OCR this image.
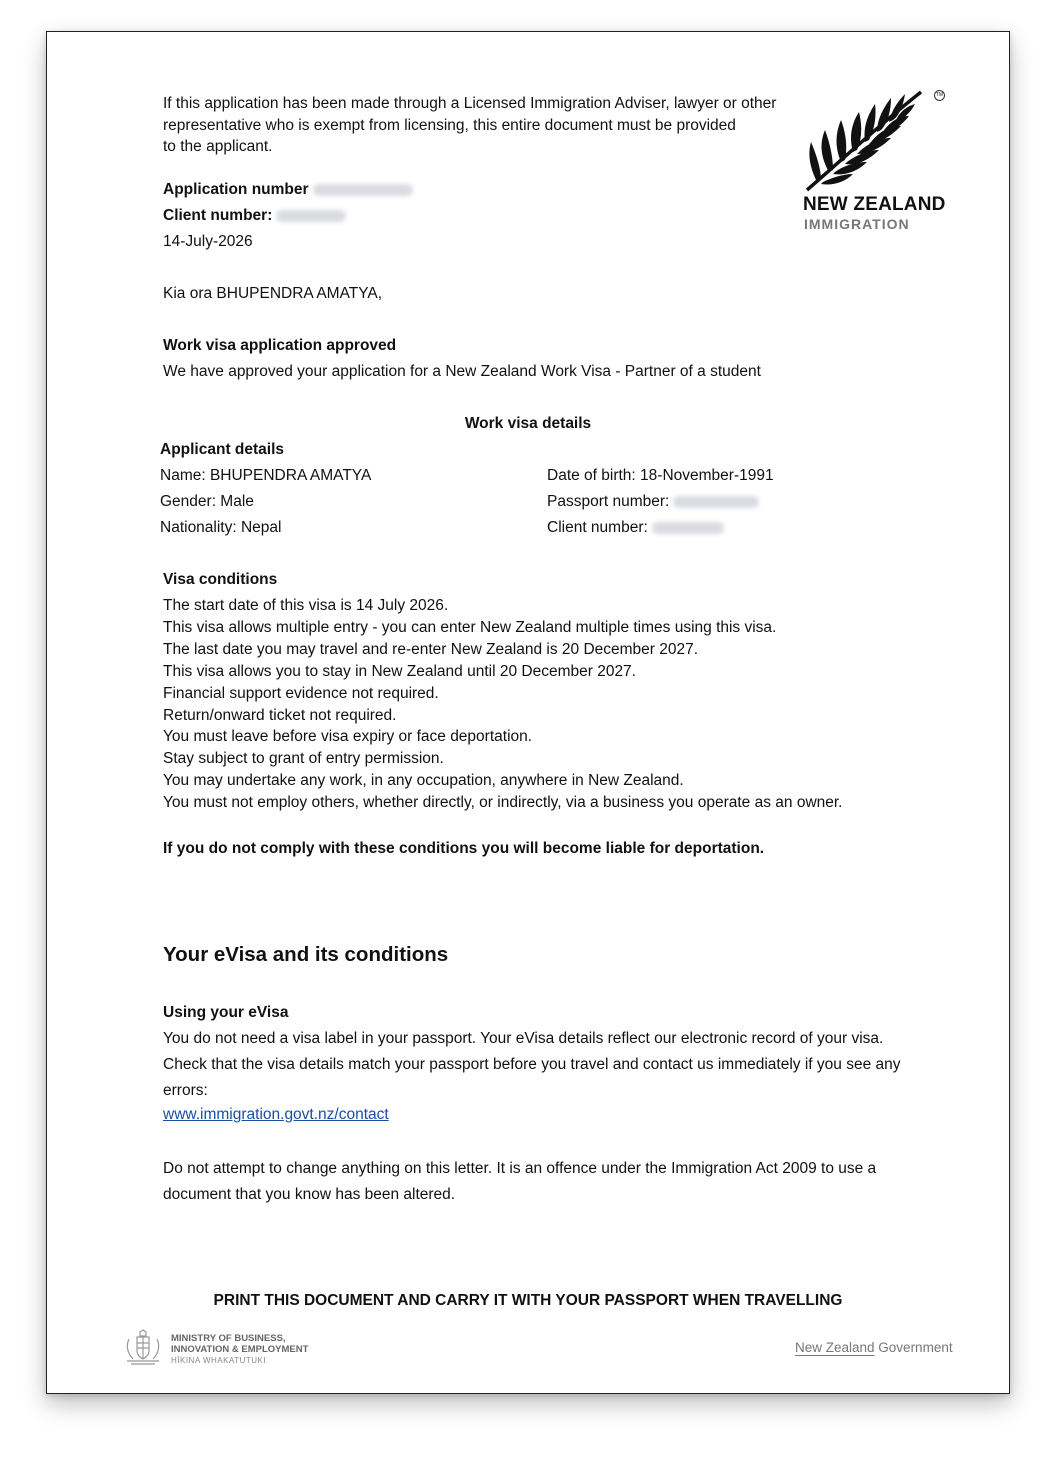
If this application has been made through a Licensed Immigration Adviser, lawyer or other
representative who is exempt from licensing, this entire document must be provided
to the applicant.
TM
NEW ZEALAND
IMMIGRATION
Application number
Client number:
14-July-2026
Kia ora BHUPENDRA AMATYA,
Work visa application approved
We have approved your application for a New Zealand Work Visa - Partner of a student
Work visa details
Applicant details
Name: BHUPENDRA AMATYA
Gender: Male
Nationality: Nepal
Date of birth: 18-November-1991
Passport number:
Client number:
Visa conditions
The start date of this visa is 14 July 2026.
This visa allows multiple entry - you can enter New Zealand multiple times using this visa.
The last date you may travel and re-enter New Zealand is 20 December 2027.
This visa allows you to stay in New Zealand until 20 December 2027.
Financial support evidence not required.
Return/onward ticket not required.
You must leave before visa expiry or face deportation.
Stay subject to grant of entry permission.
You may undertake any work, in any occupation, anywhere in New Zealand.
You must not employ others, whether directly, or indirectly, via a business you operate as an owner.
If you do not comply with these conditions you will become liable for deportation.
Your eVisa and its conditions
Using your eVisa
You do not need a visa label in your passport. Your eVisa details reflect our electronic record of your visa. Check that the visa details match your passport before you travel and contact us immediately if you see any errors:
www.immigration.govt.nz/contact
Do not attempt to change anything on this letter. It is an offence under the Immigration Act 2009 to use a document that you know has been altered.
PRINT THIS DOCUMENT AND CARRY IT WITH YOUR PASSPORT WHEN TRAVELLING
MINISTRY OF BUSINESS,
INNOVATION & EMPLOYMENT
HĪKINA WHAKATUTUKI
New Zealand Government
